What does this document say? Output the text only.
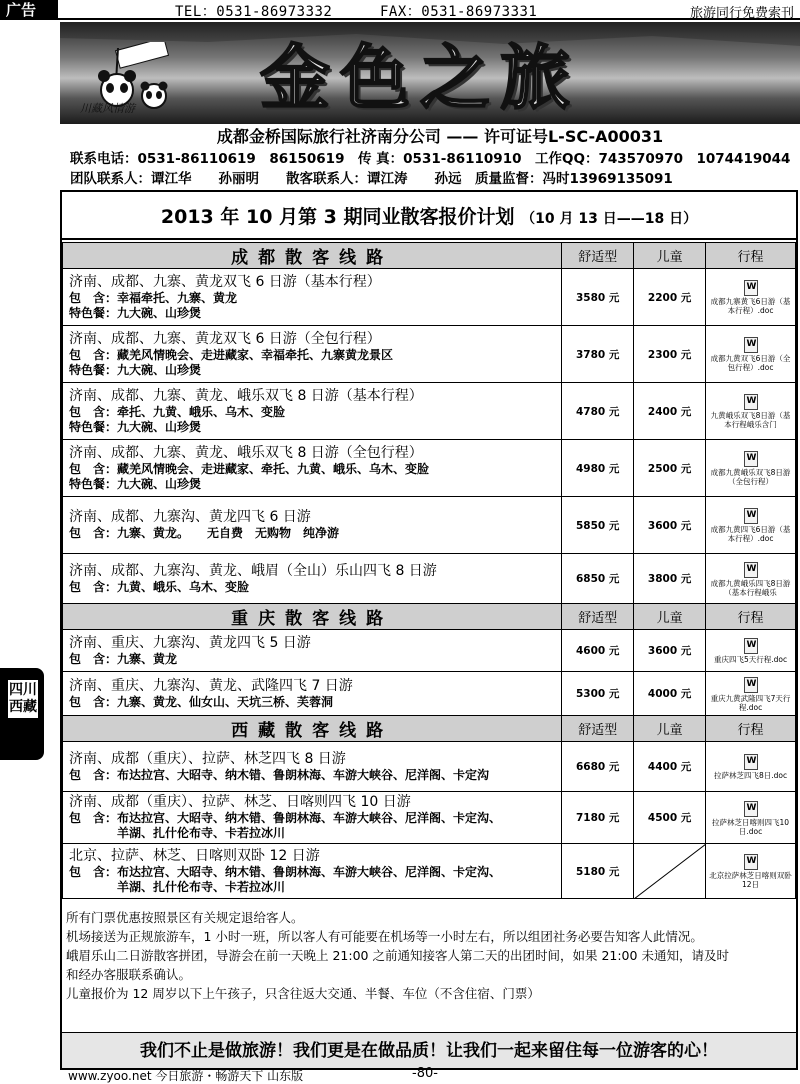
广告	TEL：0531-86973332	FAX：0531-86973331	旅游同行免费索刊
川藏风情游 金色之旅
成都金桥国际旅行社济南分公司 —— 许可证号L-SC-A00031
联系电话：0531-86110619　86150619　传 真：0531-86110910　工作QQ：743570970　1074419044
团队联系人：谭江华　　孙丽明　　散客联系人：谭江涛　　孙远　质量监督：冯时13969135091
四川西藏
2013 年 10 月第 3 期同业散客报价计划 （10 月 13 日——18 日）
成都散客线路	舒适型	儿童	行程

济南、成都、九寨、黄龙双飞 6 日游（基本行程）
包　含：幸福牵托、九寨、黄龙
特色餐：九大碗、山珍煲	3580 元	2200 元	
W
成都九寨黄飞6日游（基本行程）.doc

济南、成都、九寨、黄龙双飞 6 日游（全包行程）
包　含：藏羌风情晚会、走进藏家、幸福牵托、九寨黄龙景区
特色餐：九大碗、山珍煲	3780 元	2300 元	
W
成都九黄双飞6日游（全包行程）.doc

济南、成都、九寨、黄龙、峨乐双飞 8 日游（基本行程）
包　含：牵托、九黄、峨乐、乌木、变脸
特色餐：九大碗、山珍煲	4780 元	2400 元	
W
九黄峨乐双飞8日游（基本行程峨乐含门

济南、成都、九寨、黄龙、峨乐双飞 8 日游（全包行程）
包　含：藏羌风情晚会、走进藏家、牵托、九黄、峨乐、乌木、变脸
特色餐：九大碗、山珍煲	4980 元	2500 元	
W
成都九黄峨乐双飞8日游（全包行程）

济南、成都、九寨沟、黄龙四飞 6 日游
包　含：九寨、黄龙。　　无自费　无购物　纯净游	5850 元	3600 元	
W
成都九黄四飞6日游（基本行程）.doc

济南、成都、九寨沟、黄龙、峨眉（全山）乐山四飞 8 日游
包　含：九黄、峨乐、乌木、变脸	6850 元	3800 元	
W
成都九黄峨乐四飞8日游（基本行程峨乐

重庆散客线路	舒适型	儿童	行程

济南、重庆、九寨沟、黄龙四飞 5 日游
包　含：九寨、黄龙	4600 元	3600 元	
W
重庆四飞5天行程.doc

济南、重庆、九寨沟、黄龙、武隆四飞 7 日游
包　含：九寨、黄龙、仙女山、天坑三桥、芙蓉洞	5300 元	4000 元	
W
重庆九黄武隆四飞7天行程.doc

西藏散客线路	舒适型	儿童	行程

济南、成都（重庆）、拉萨、林芝四飞 8 日游
包　含：布达拉宫、大昭寺、纳木错、鲁朗林海、车游大峡谷、尼洋阁、卡定沟	6680 元	4400 元	
W
拉萨林芝四飞8日.doc

济南、成都（重庆）、拉萨、林芝、日喀则四飞 10 日游
包　含：布达拉宫、大昭寺、纳木错、鲁朗林海、车游大峡谷、尼洋阁、卡定沟、
　　　　羊湖、扎什伦布寺、卡若拉冰川	7180 元	4500 元	
W
拉萨林芝日喀则四飞10日.doc

北京、拉萨、林芝、日喀则双卧 12 日游
包　含：布达拉宫、大昭寺、纳木错、鲁朗林海、车游大峡谷、尼洋阁、卡定沟、
　　　　羊湖、扎什伦布寺、卡若拉冰川	5180 元	

W
北京拉萨林芝日喀则双卧12日
所有门票优惠按照景区有关规定退给客人。
机场接送为正规旅游车，1 小时一班，所以客人有可能要在机场等一小时左右，所以组团社务必要告知客人此情况。
峨眉乐山二日游散客拼团，导游会在前一天晚上 21:00 之前通知接客人第二天的出团时间，如果 21:00 未通知，请及时
和经办客服联系确认。
儿童报价为 12 周岁以下上午孩子，只含往返大交通、半餐、车位（不含住宿、门票）
我们不止是做旅游！我们更是在做品质！让我们一起来留住每一位游客的心！
www.zyoo.net 今日旅游・畅游天下 山东版	-80-
